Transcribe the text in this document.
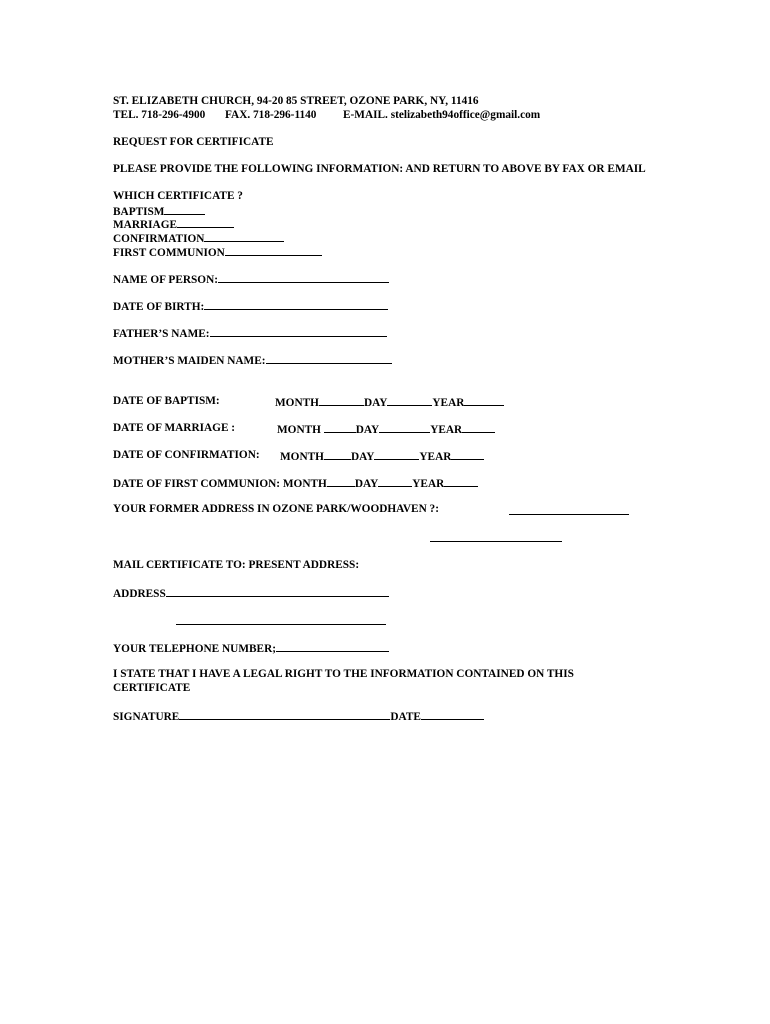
ST. ELIZABETH CHURCH, 94-20 85 STREET, OZONE PARK, NY, 11416
TEL. 718-296-4900 FAX. 718-296-1140 E-MAIL. stelizabeth94office@gmail.com
REQUEST FOR CERTIFICATE
PLEASE PROVIDE THE FOLLOWING INFORMATION: AND RETURN TO ABOVE BY FAX OR EMAIL
WHICH CERTIFICATE ?
BAPTISM
MARRIAGE
CONFIRMATION
FIRST COMMUNION
NAME OF PERSON:
DATE OF BIRTH:
FATHER’S NAME:
MOTHER’S MAIDEN NAME:
DATE OF BAPTISM:	MONTH	DAY	YEAR
DATE OF MARRIAGE :	MONTH	DAY	YEAR
DATE OF CONFIRMATION: MONTH DAY	YEAR
DATE OF FIRST COMMUNION: MONTH DAY	YEAR
YOUR FORMER ADDRESS IN OZONE PARK/WOODHAVEN ?:
MAIL CERTIFICATE TO: PRESENT ADDRESS:
ADDRESS
YOUR TELEPHONE NUMBER;
I STATE THAT I HAVE A LEGAL RIGHT TO THE INFORMATION CONTAINED ON THIS
CERTIFICATE
SIGNATURE	DATE
